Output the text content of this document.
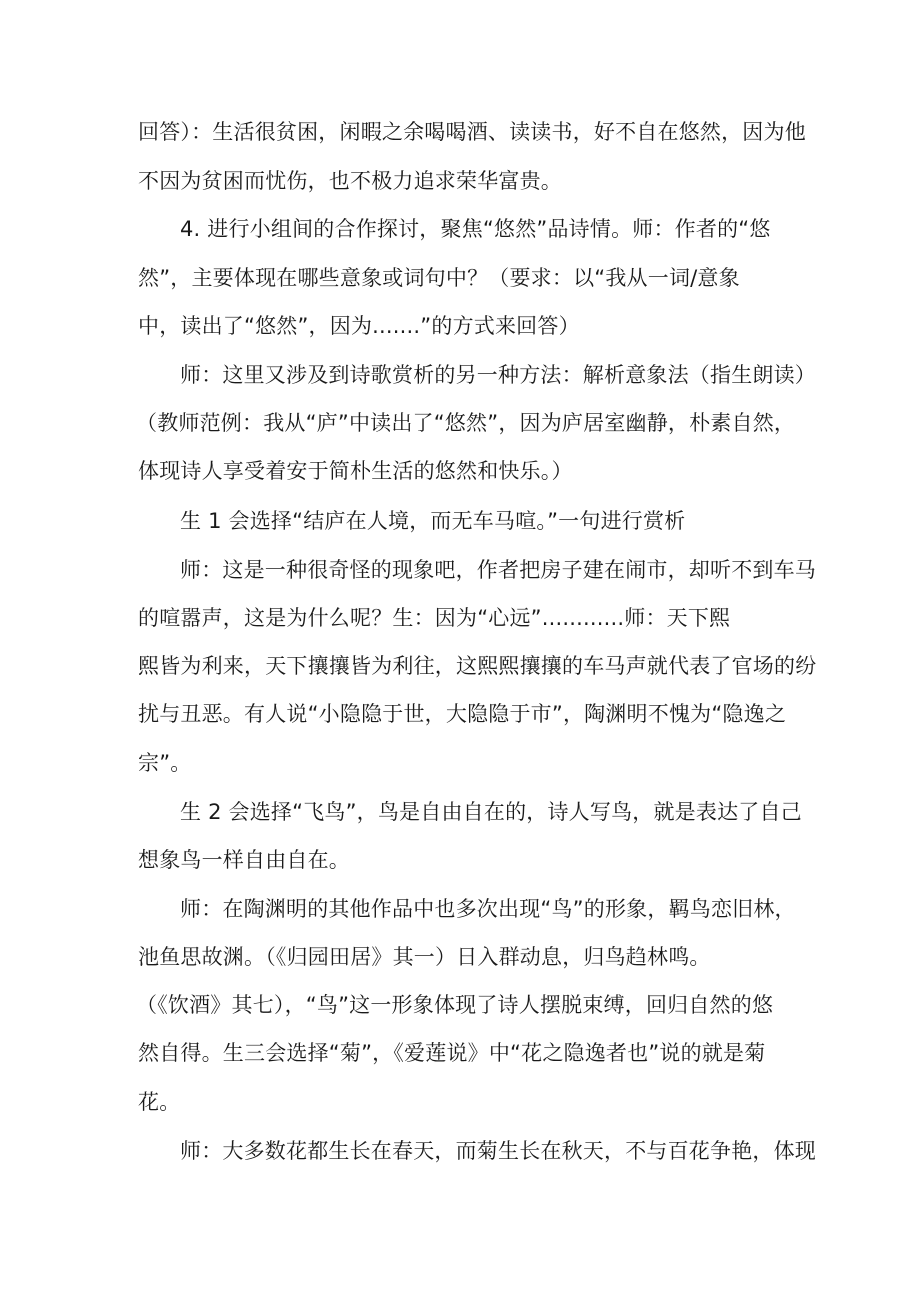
回答）：生活很贫困，闲暇之余喝喝酒、读读书，好不自在悠然，因为他
不因为贫困而忧伤，也不极力追求荣华富贵。
4. 进行小组间的合作探讨，聚焦“悠然”品诗情。师：作者的“悠
然”，主要体现在哪些意象或词句中？（要求：以“我从一词/意象
中，读出了“悠然”，因为.......”的方式来回答）
师：这里又涉及到诗歌赏析的另一种方法：解析意象法（指生朗读）
（教师范例：我从“庐”中读出了“悠然”，因为庐居室幽静，朴素自然，
体现诗人享受着安于简朴生活的悠然和快乐。）
生 1 会选择“结庐在人境，而无车马喧。”一句进行赏析
师：这是一种很奇怪的现象吧，作者把房子建在闹市，却听不到车马
的喧嚣声，这是为什么呢？生：因为“心远”............师：天下熙
熙皆为利来，天下攘攘皆为利往，这熙熙攘攘的车马声就代表了官场的纷
扰与丑恶。有人说“小隐隐于世，大隐隐于市”，陶渊明不愧为“隐逸之
宗”。
生 2 会选择“飞鸟”，鸟是自由自在的，诗人写鸟，就是表达了自己
想象鸟一样自由自在。
师：在陶渊明的其他作品中也多次出现“鸟”的形象，羁鸟恋旧林，
池鱼思故渊。（《归园田居》其一）日入群动息，归鸟趋林鸣。
（《饮酒》其七），“鸟”这一形象体现了诗人摆脱束缚，回归自然的悠
然自得。生三会选择“菊”，《爱莲说》中“花之隐逸者也”说的就是菊
花。
师：大多数花都生长在春天，而菊生长在秋天，不与百花争艳，体现
